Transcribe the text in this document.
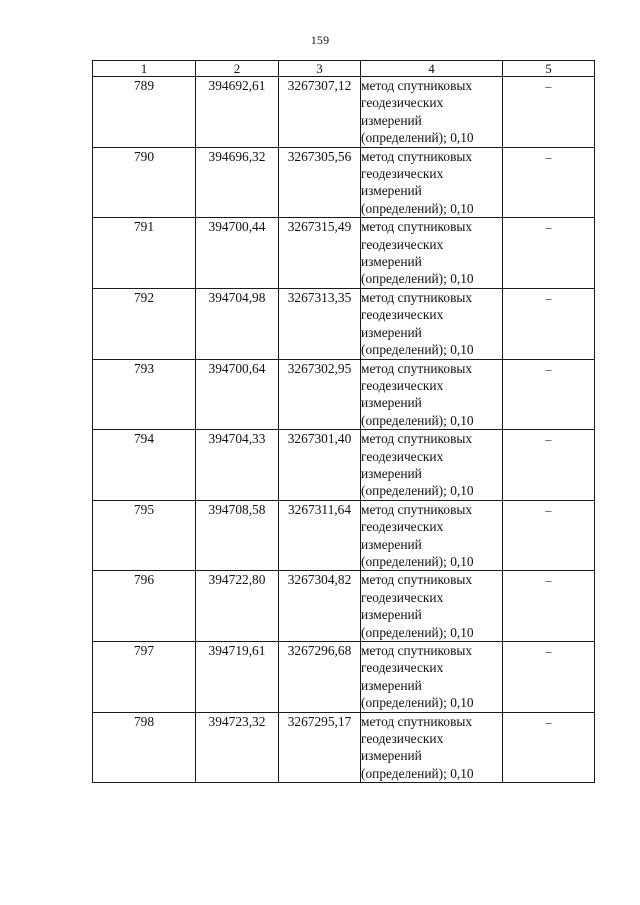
159
1	2	3	4	5
789	394692,61	3267307,12	метод спутниковых
геодезических
измерений
(определений); 0,10	–
790	394696,32	3267305,56	метод спутниковых
геодезических
измерений
(определений); 0,10	–
791	394700,44	3267315,49	метод спутниковых
геодезических
измерений
(определений); 0,10	–
792	394704,98	3267313,35	метод спутниковых
геодезических
измерений
(определений); 0,10	–
793	394700,64	3267302,95	метод спутниковых
геодезических
измерений
(определений); 0,10	–
794	394704,33	3267301,40	метод спутниковых
геодезических
измерений
(определений); 0,10	–
795	394708,58	3267311,64	метод спутниковых
геодезических
измерений
(определений); 0,10	–
796	394722,80	3267304,82	метод спутниковых
геодезических
измерений
(определений); 0,10	–
797	394719,61	3267296,68	метод спутниковых
геодезических
измерений
(определений); 0,10	–
798	394723,32	3267295,17	метод спутниковых
геодезических
измерений
(определений); 0,10	–
